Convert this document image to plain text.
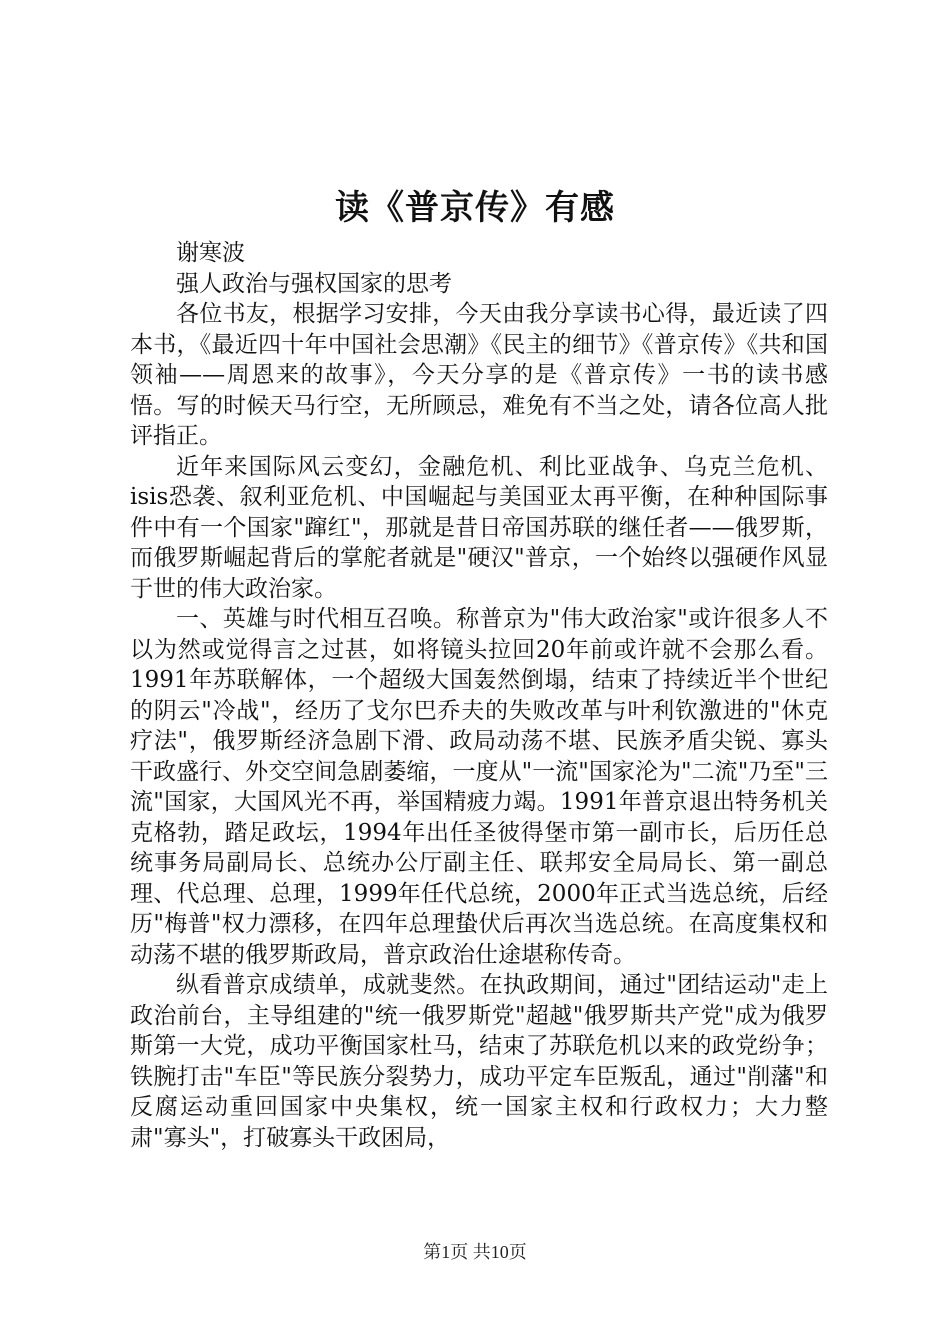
读《普京传》有感

谢寒波

强人政治与强权国家的思考

各位书友，根据学习安排，今天由我分享读书心得，最近读了四本书，《最近四十年中国社会思潮》《民主的细节》《普京传》《共和国领袖——周恩来的故事》，今天分享的是《普京传》一书的读书感悟。写的时候天马行空，无所顾忌，难免有不当之处，请各位高人批评指正。

近年来国际风云变幻，金融危机、利比亚战争、乌克兰危机、isis恐袭、叙利亚危机、中国崛起与美国亚太再平衡，在种种国际事件中有一个国家"蹿红"，那就是昔日帝国苏联的继任者——俄罗斯，而俄罗斯崛起背后的掌舵者就是"硬汉"普京，一个始终以强硬作风显于世的伟大政治家。

一、英雄与时代相互召唤。称普京为"伟大政治家"或许很多人不以为然或觉得言之过甚，如将镜头拉回20年前或许就不会那么看。1991年苏联解体，一个超级大国轰然倒塌，结束了持续近半个世纪的阴云"冷战"，经历了戈尔巴乔夫的失败改革与叶利钦激进的"休克疗法"，俄罗斯经济急剧下滑、政局动荡不堪、民族矛盾尖锐、寡头干政盛行、外交空间急剧萎缩，一度从"一流"国家沦为"二流"乃至"三流"国家，大国风光不再，举国精疲力竭。1991年普京退出特务机关克格勃，踏足政坛，1994年出任圣彼得堡市第一副市长，后历任总统事务局副局长、总统办公厅副主任、联邦安全局局长、第一副总理、代总理、总理，1999年任代总统，2000年正式当选总统，后经历"梅普"权力漂移，在四年总理蛰伏后再次当选总统。在高度集权和动荡不堪的俄罗斯政局，普京政治仕途堪称传奇。

纵看普京成绩单，成就斐然。在执政期间，通过"团结运动"走上政治前台，主导组建的"统一俄罗斯党"超越"俄罗斯共产党"成为俄罗斯第一大党，成功平衡国家杜马，结束了苏联危机以来的政党纷争；铁腕打击"车臣"等民族分裂势力，成功平定车臣叛乱，通过"削藩"和反腐运动重回国家中央集权，统一国家主权和行政权力；大力整肃"寡头"，打破寡头干政困局，

第1页 共10页
